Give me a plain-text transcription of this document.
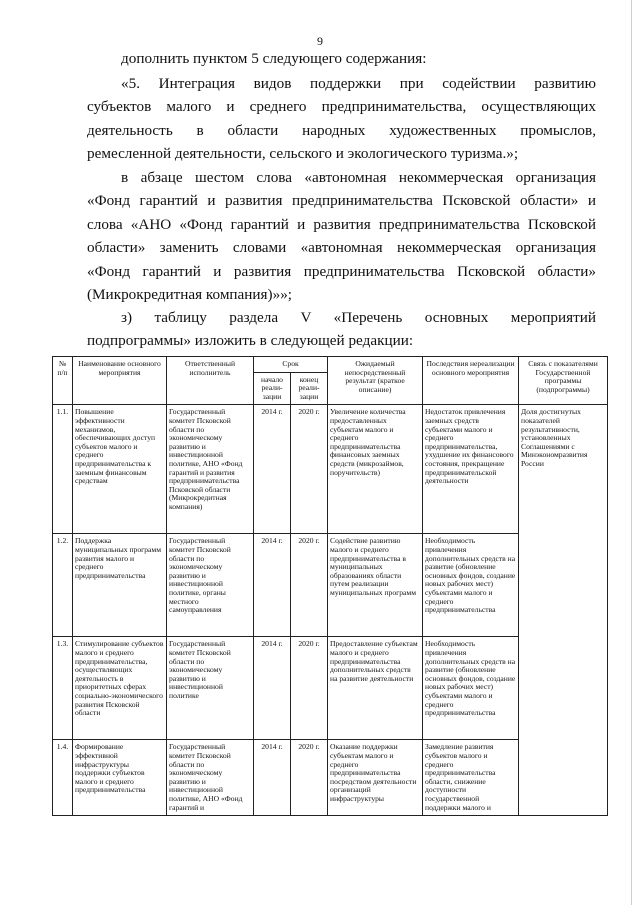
9
дополнить пунктом 5 следующего содержания:
«5. Интеграция видов поддержки при содействии развитию
субъектов малого и среднего предпринимательства, осуществляющих
деятельность в области народных художественных промыслов,
ремесленной деятельности, сельского и экологического туризма.»;
в абзаце шестом слова «автономная некоммерческая организация
«Фонд гарантий и развития предпринимательства Псковской области» и
слова «АНО «Фонд гарантий и развития предпринимательства Псковской
области» заменить словами «автономная некоммерческая организация
«Фонд гарантий и развития предпринимательства Псковской области»
(Микрокредитная компания)»»;
з) таблицу раздела V «Перечень основных мероприятий
подпрограммы» изложить в следующей редакции:
№ п/п	Наименование основного мероприятия	Ответственный исполнитель	Срок		Ожидаемый непосредственный результат (краткое описание)	Последствия нереализации основного мероприятия	Связь с показателями Государственной программы (подпрограммы)
			начало реали-зации	конец реали-зации			
1.1.	Повышение эффективности механизмов, обеспечивающих доступ субъектов малого и среднего предпринимательства к заемным финансовым средствам	Государственный комитет Псковской области по экономическому развитию и инвестиционной политике, АНО «Фонд гарантий и развития предпринимательства Псковской области (Микрокредитная компания)	2014 г.	2020 г.	Увеличение количества предоставленных субъектам малого и среднего предпринимательства финансовых заемных средств (микрозаймов, поручительств)	Недостаток привлечения заемных средств субъектами малого и среднего предпринимательства, ухудшение их финансового состояния, прекращение предпринимательской деятельности	Доля достигнутых показателей результативности, установленных Соглашениями с Минэкономразвития России
1.2.	Поддержка муниципальных программ развития малого и среднего предпринимательства	Государственный комитет Псковской области по экономическому развитию и инвестиционной политике, органы местного самоуправления	2014 г.	2020 г.	Содействие развитию малого и среднего предпринимательства в муниципальных образованиях области путем реализации муниципальных программ	Необходимость привлечения дополнительных средств на развитие (обновление основных фондов, создание новых рабочих мест) субъектами малого и среднего предпринимательства	
1.3.	Стимулирование субъектов малого и среднего предпринимательства, осуществляющих деятельность в приоритетных сферах социально-экономического развития Псковской области	Государственный комитет Псковской области по экономическому развитию и инвестиционной политике	2014 г.	2020 г.	Предоставление субъектам малого и среднего предпринимательства дополнительных средств на развитие деятельности	Необходимость привлечения дополнительных средств на развитие (обновление основных фондов, создание новых рабочих мест) субъектами малого и среднего предпринимательства	
1.4.	Формирование эффективной инфраструктуры поддержки субъектов малого и среднего предпринимательства	Государственный комитет Псковской области по экономическому развитию и инвестиционной политике, АНО «Фонд гарантий и	2014 г.	2020 г.	Оказание поддержки субъектам малого и среднего предпринимательства посредством деятельности организаций инфраструктуры	Замедление развития субъектов малого и среднего предпринимательства области, снижение доступности государственной поддержки малого и	
